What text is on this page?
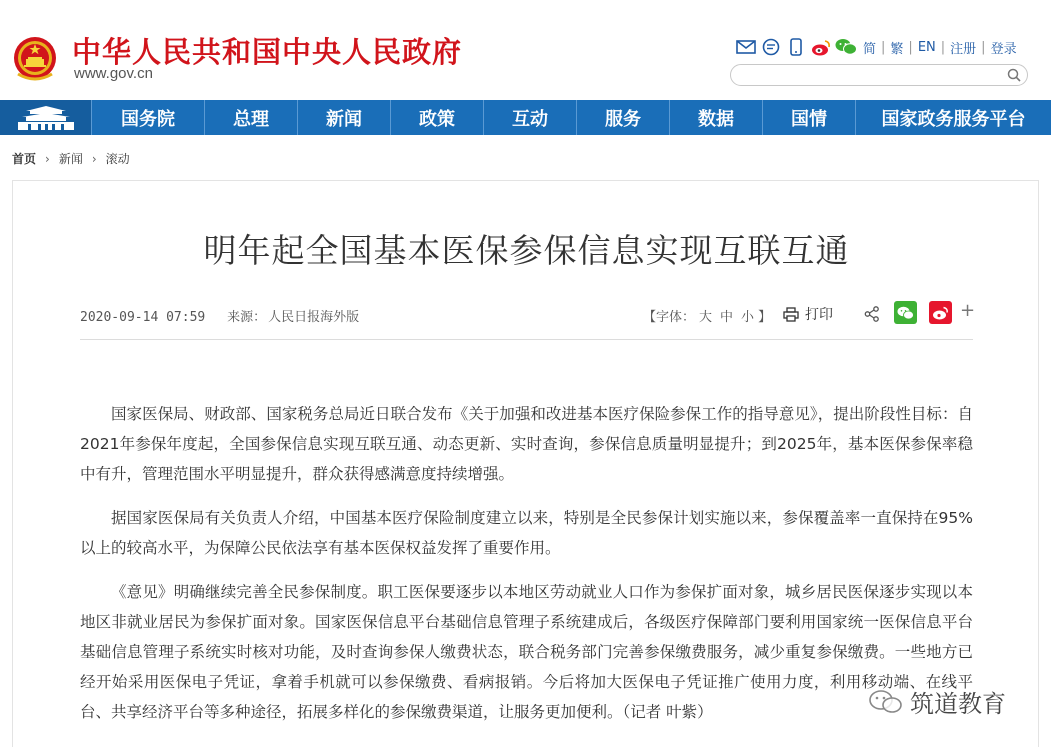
中华人民共和国中央人民政府
www.gov.cn
简 | 繁 | EN | 注册 | 登录
国务院	总理	新闻	政策	互动	服务	数据	国情	国家政务服务平台
首页 › 新闻 › 滚动
明年起全国基本医保参保信息实现互联互通
2020-09-14 07:59 来源： 人民日报海外版	【字体： 大 中 小 】 打印	+

国家医保局、财政部、国家税务总局近日联合发布《关于加强和改进基本医疗保险参保工作的指导意见》，提出阶段性目标：自2021年参保年度起，全国参保信息实现互联互通、动态更新、实时查询，参保信息质量明显提升；到2025年，基本医保参保率稳中有升，管理范围水平明显提升，群众获得感满意度持续增强。

据国家医保局有关负责人介绍，中国基本医疗保险制度建立以来，特别是全民参保计划实施以来，参保覆盖率一直保持在95%以上的较高水平，为保障公民依法享有基本医保权益发挥了重要作用。

《意见》明确继续完善全民参保制度。职工医保要逐步以本地区劳动就业人口作为参保扩面对象，城乡居民医保逐步实现以本地区非就业居民为参保扩面对象。国家医保信息平台基础信息管理子系统建成后，各级医疗保障部门要利用国家统一医保信息平台基础信息管理子系统实时核对功能，及时查询参保人缴费状态，联合税务部门完善参保缴费服务，减少重复参保缴费。一些地方已经开始采用医保电子凭证，拿着手机就可以参保缴费、看病报销。今后将加大医保电子凭证推广使用力度，利用移动端、在线平台、共享经济平台等多种途径，拓展多样化的参保缴费渠道，让服务更加便利。（记者 叶紫）	筑道教育
